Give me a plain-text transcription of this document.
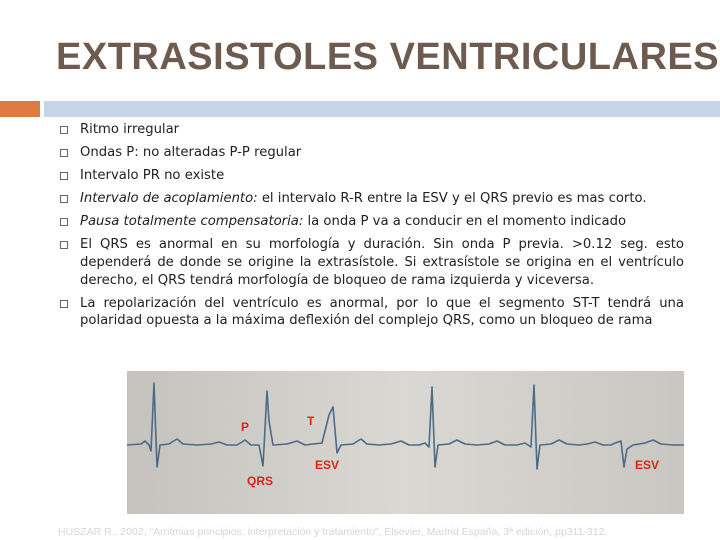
EXTRASISTOLES VENTRICULARES
Ritmo irregular
Ondas P: no alteradas P-P regular
Intervalo PR no existe
Intervalo de acoplamiento: el intervalo R-R entre la ESV y el QRS previo es mas corto.
Pausa totalmente compensatoria: la onda P va a conducir en el momento indicado
El QRS es anormal en su morfología y duración. Sin onda P previa. >0.12 seg. esto dependerá de donde se origine la extrasístole. Si extrasístole se origina en el ventrículo derecho, el QRS tendrá morfología de bloqueo de rama izquierda y viceversa.
La repolarización del ventrículo es anormal, por lo que el segmento ST-T tendrá una polaridad opuesta a la máxima deflexión del complejo QRS, como un bloqueo de rama
P	T
QRS
ESV	ESV
HUSZAR R., 2002, “Arritmias principios, interpretación y tratamiento”, Elsevier, Madrid España, 3ª edición, pp311-312.
